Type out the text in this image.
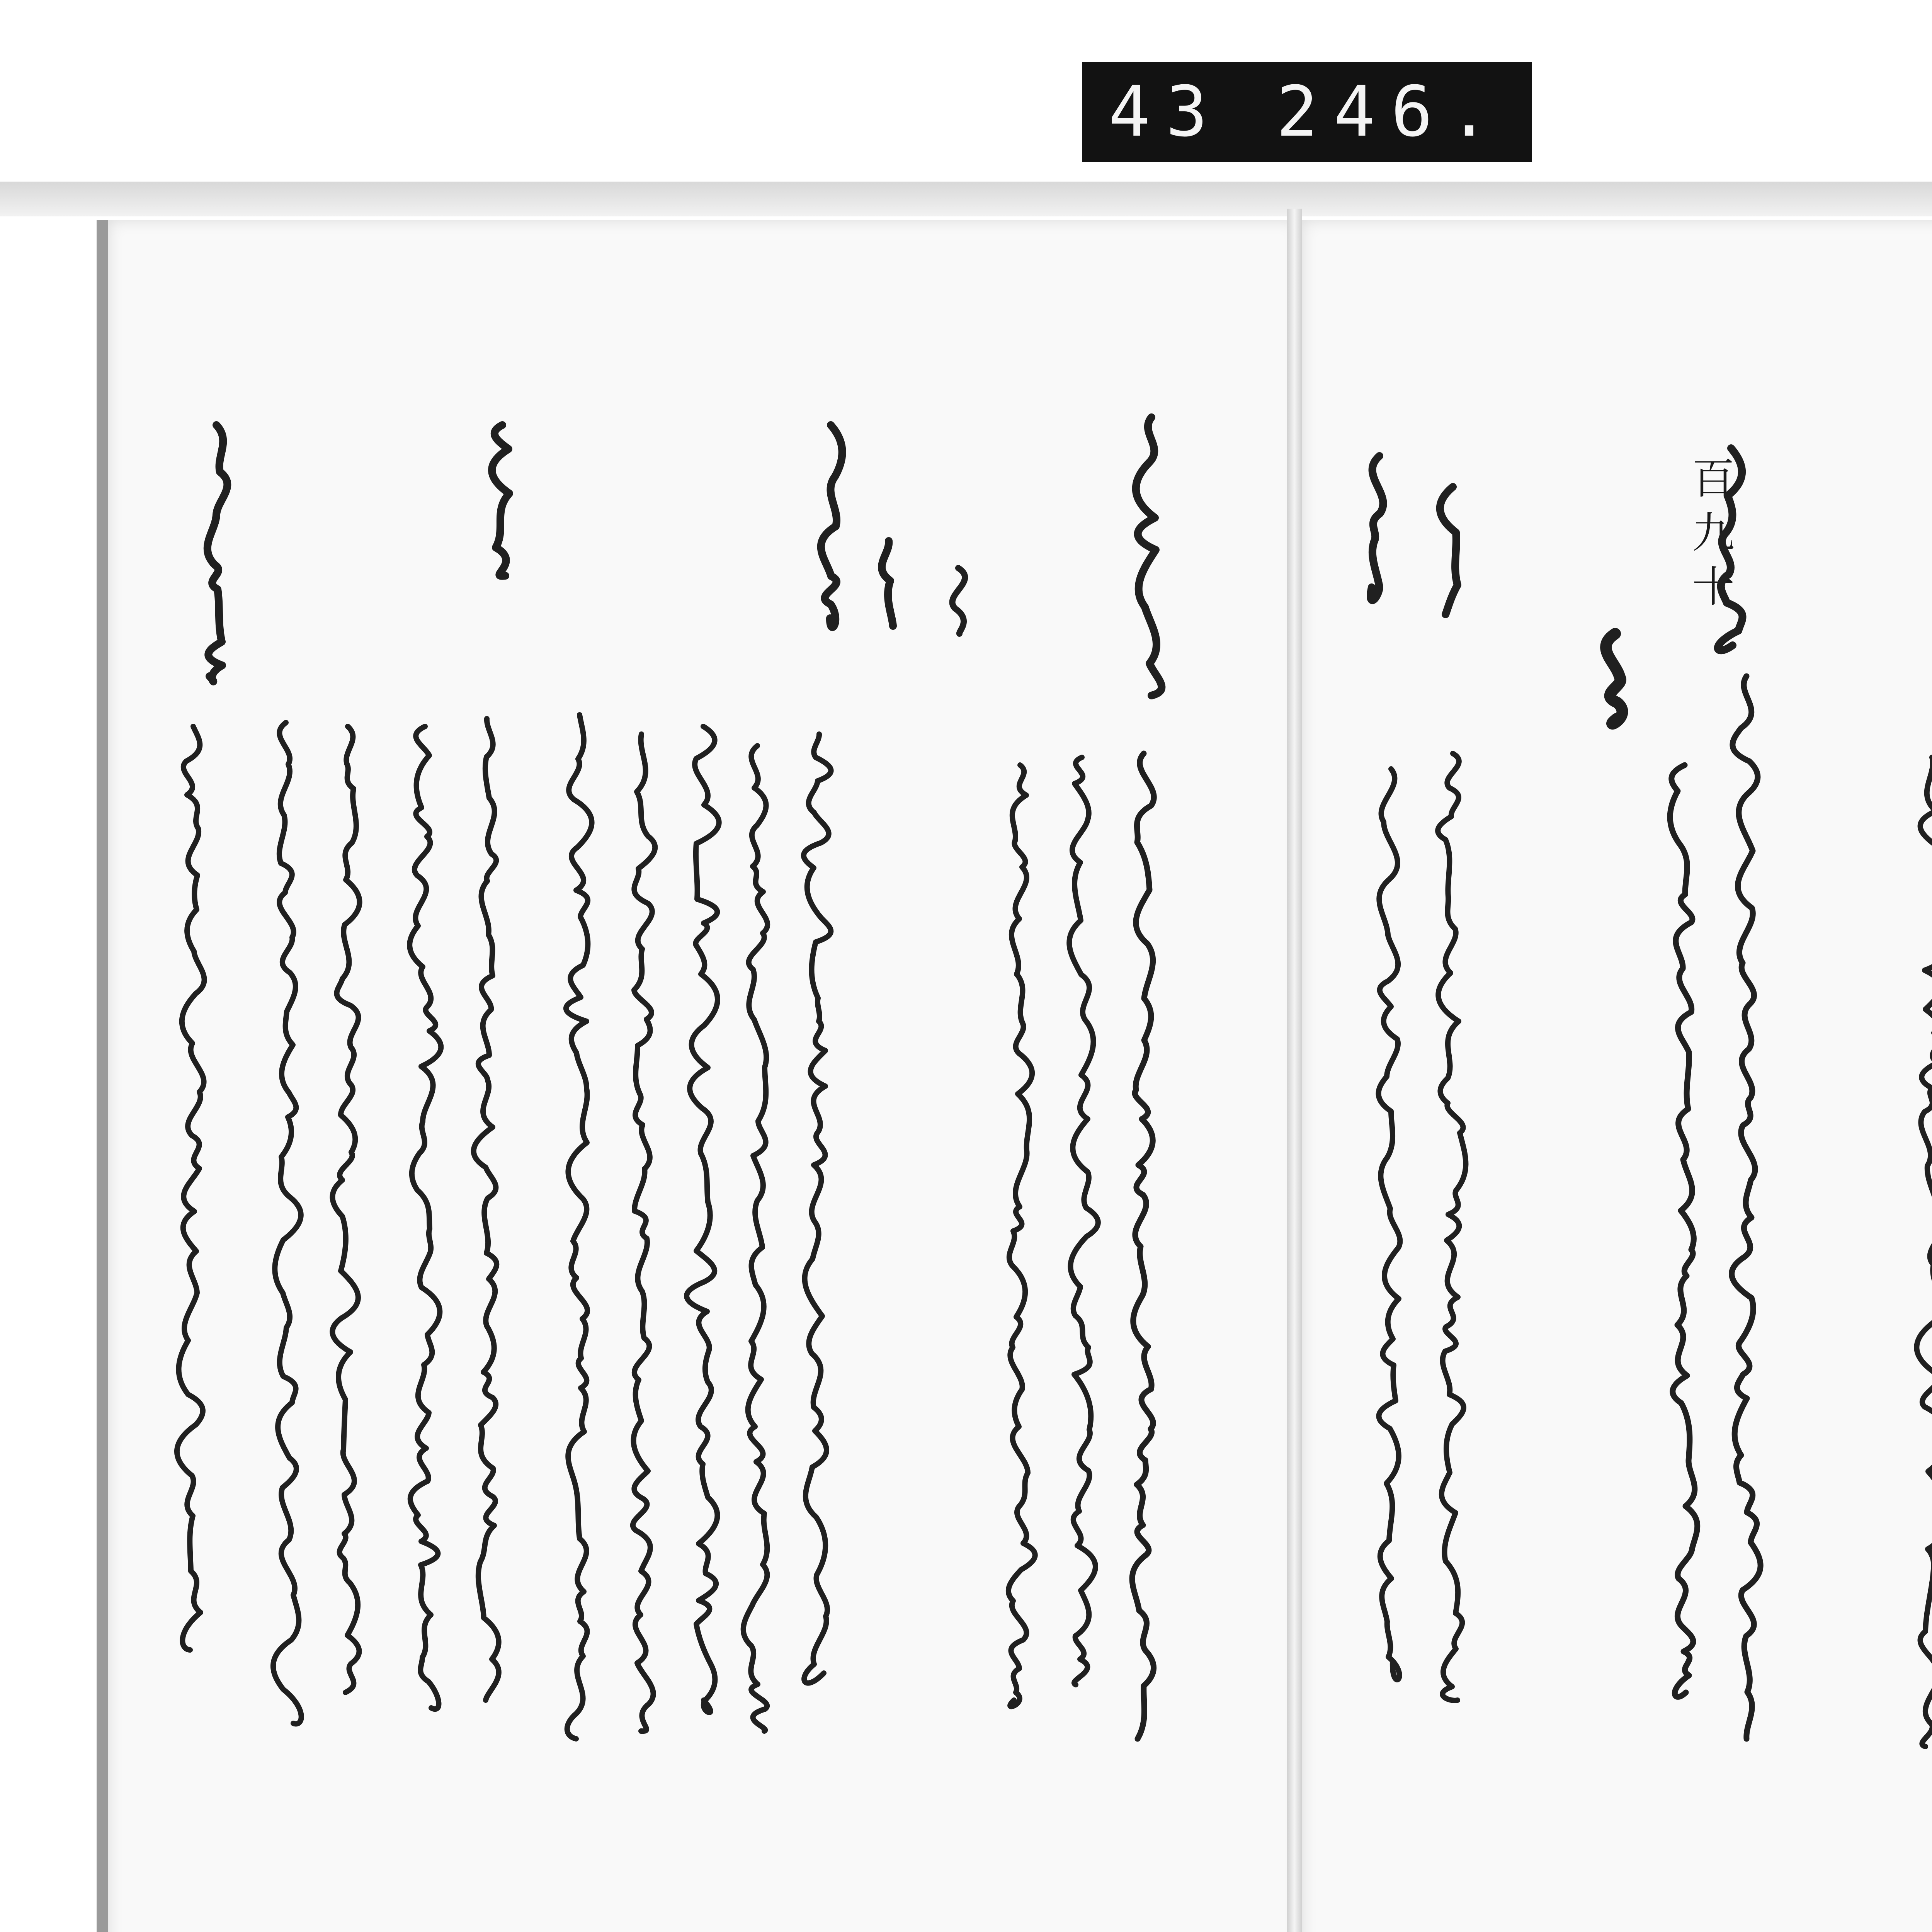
43 246.
百九十
